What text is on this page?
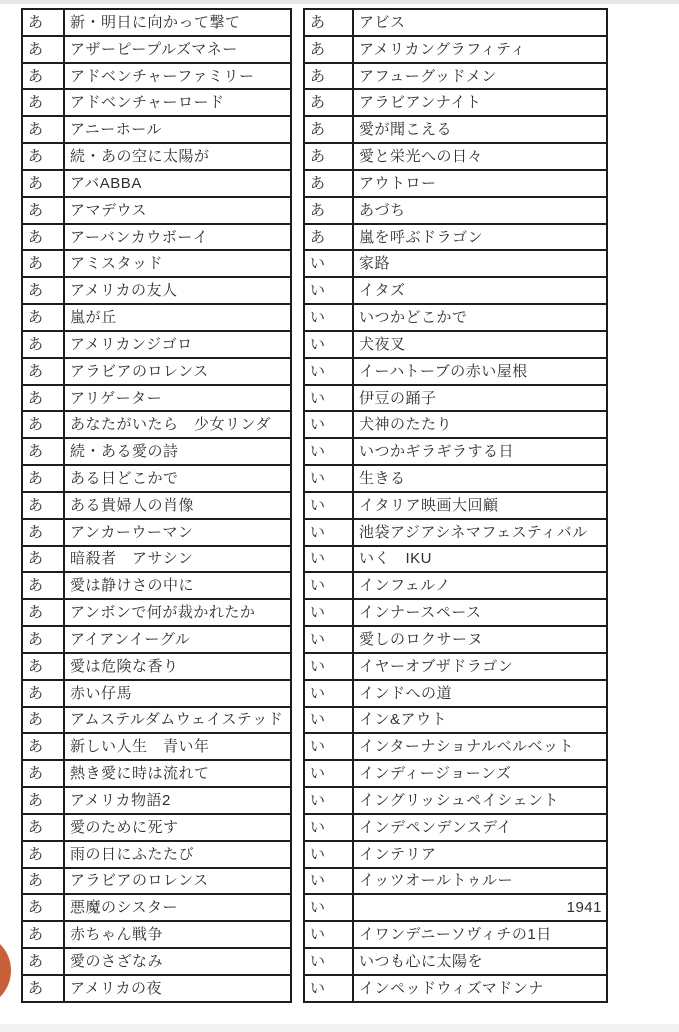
あ	新・明日に向かって撃て
あ	アザーピープルズマネー
あ	アドベンチャーファミリー
あ	アドベンチャーロード
あ	アニーホール
あ	続・あの空に太陽が
あ	アバABBA
あ	アマデウス
あ	アーバンカウボーイ
あ	アミスタッド
あ	アメリカの友人
あ	嵐が丘
あ	アメリカンジゴロ
あ	アラビアのロレンス
あ	アリゲーター
あ	あなたがいたら　少女リンダ
あ	続・ある愛の詩
あ	ある日どこかで
あ	ある貴婦人の肖像
あ	アンカーウーマン
あ	暗殺者　アサシン
あ	愛は静けさの中に
あ	アンボンで何が裁かれたか
あ	アイアンイーグル
あ	愛は危険な香り
あ	赤い仔馬
あ	アムステルダムウェイステッド
あ	新しい人生　青い年
あ	熱き愛に時は流れて
あ	アメリカ物語2
あ	愛のために死す
あ	雨の日にふたたび
あ	アラビアのロレンス
あ	悪魔のシスター
あ	赤ちゃん戦争
あ	愛のさざなみ
あ	アメリカの夜
あ	アビス
あ	アメリカングラフィティ
あ	アフューグッドメン
あ	アラビアンナイト
あ	愛が聞こえる
あ	愛と栄光への日々
あ	アウトロー
あ	あづち
あ	嵐を呼ぶドラゴン
い	家路
い	イタズ
い	いつかどこかで
い	犬夜叉
い	イーハトーブの赤い屋根
い	伊豆の踊子
い	犬神のたたり
い	いつかギラギラする日
い	生きる
い	イタリア映画大回顧
い	池袋アジアシネマフェスティバル
い	いく　IKU
い	インフェルノ
い	インナースペース
い	愛しのロクサーヌ
い	イヤーオブザドラゴン
い	インドへの道
い	イン&アウト
い	インターナショナルベルベット
い	インディージョーンズ
い	イングリッシュペイシェント
い	インデペンデンスデイ
い	インテリア
い	イッツオールトゥルー
い	1941
い	イワンデニーソヴィチの1日
い	いつも心に太陽を
い	インペッドウィズマドンナ
